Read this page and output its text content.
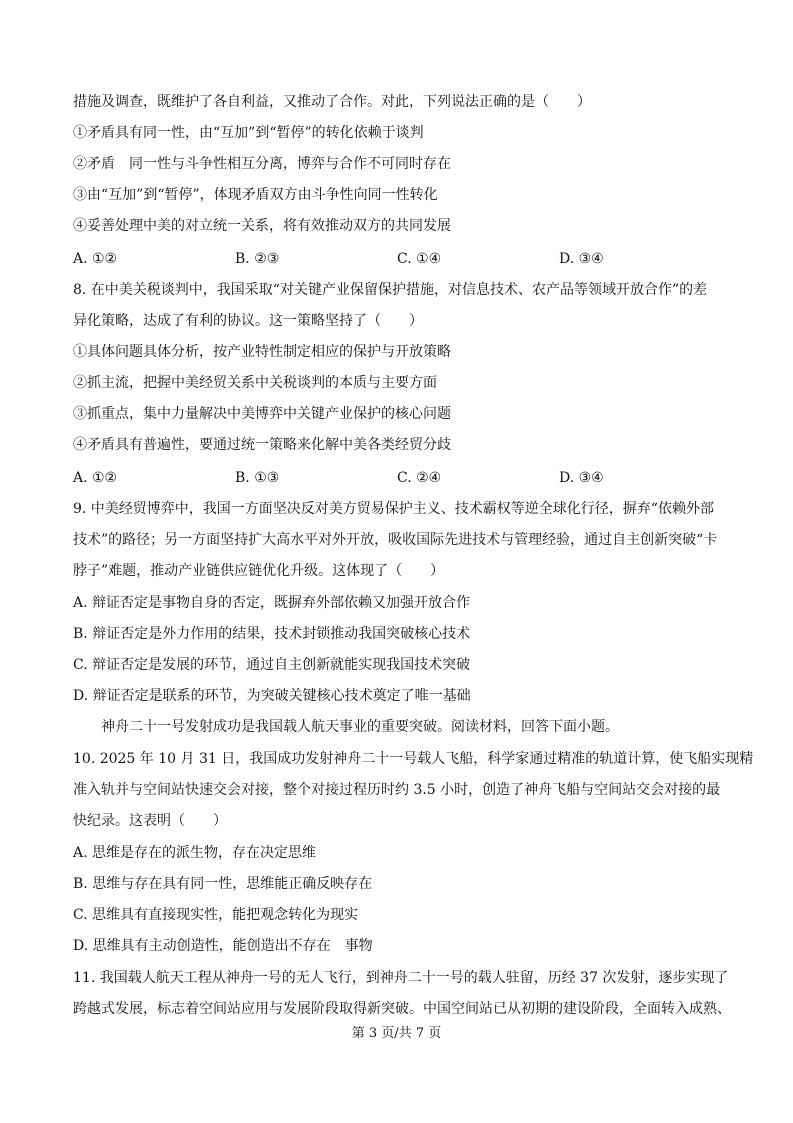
措施及调查，既维护了各自利益，又推动了合作。对此，下列说法正确的是（　　）
①矛盾具有同一性，由“互加”到“暂停”的转化依赖于谈判
②矛盾　同一性与斗争性相互分离，博弈与合作不可同时存在
③由“互加”到“暂停”，体现矛盾双方由斗争性向同一性转化
④妥善处理中美的对立统一关系，将有效推动双方的共同发展
A. ①②	B. ②③	C. ①④	D. ③④
8. 在中美关税谈判中，我国采取“对关键产业保留保护措施，对信息技术、农产品等领域开放合作”的差
异化策略，达成了有利的协议。这一策略坚持了（　　）
①具体问题具体分析，按产业特性制定相应的保护与开放策略
②抓主流，把握中美经贸关系中关税谈判的本质与主要方面
③抓重点，集中力量解决中美博弈中关键产业保护的核心问题
④矛盾具有普遍性，要通过统一策略来化解中美各类经贸分歧
A. ①②	B. ①③	C. ②④	D. ③④
9. 中美经贸博弈中，我国一方面坚决反对美方贸易保护主义、技术霸权等逆全球化行径，摒弃“依赖外部
技术”的路径；另一方面坚持扩大高水平对外开放，吸收国际先进技术与管理经验，通过自主创新突破“卡
脖子”难题，推动产业链供应链优化升级。这体现了（　　）
A. 辩证否定是事物自身的否定，既摒弃外部依赖又加强开放合作
B. 辩证否定是外力作用的结果，技术封锁推动我国突破核心技术
C. 辩证否定是发展的环节，通过自主创新就能实现我国技术突破
D. 辩证否定是联系的环节，为突破关键核心技术奠定了唯一基础
神舟二十一号发射成功是我国载人航天事业的重要突破。阅读材料，回答下面小题。
10. 2025 年 10 月 31 日，我国成功发射神舟二十一号载人飞船，科学家通过精准的轨道计算，使飞船实现精
准入轨并与空间站快速交会对接，整个对接过程历时约 3.5 小时，创造了神舟飞船与空间站交会对接的最
快纪录。这表明（　　）
A. 思维是存在的派生物，存在决定思维
B. 思维与存在具有同一性，思维能正确反映存在
C. 思维具有直接现实性，能把观念转化为现实
D. 思维具有主动创造性，能创造出不存在　事物
11. 我国载人航天工程从神舟一号的无人飞行，到神舟二十一号的载人驻留，历经 37 次发射，逐步实现了
跨越式发展，标志着空间站应用与发展阶段取得新突破。中国空间站已从初期的建设阶段，全面转入成熟、
第 3 页/共 7 页
